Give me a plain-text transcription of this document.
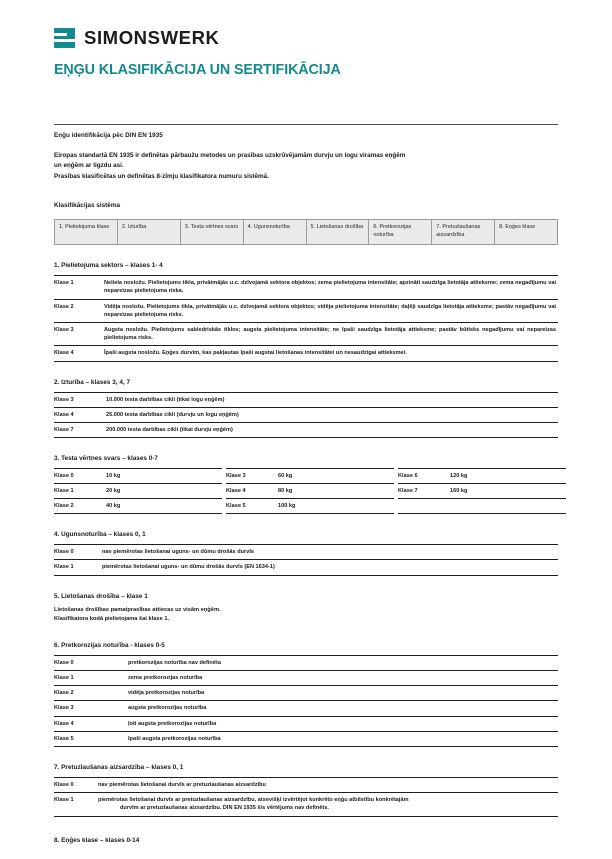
SIMONSWERK
EŅĢU KLASIFIKĀCIJA UN SERTIFIKĀCIJA
Eņģu identifikācija pēc DIN EN 1935

Eiropas standartā EN 1935 ir definētas pārbaužu metodes un prasības uzskrūvējamām durvju un logu viramas eņģēm

un eņģēm ar ligzdu asi.

Prasības klasificētas un definētas 8-zīmju klasifikatora numuru sistēmā.

Klasifikācijas sistēma
1. Pielietojuma klase	2. Izturība	3. Testa vērtnes svars	4. Ugunsnoturība	5. Lietošanas drošība	6. Pretkorozijas noturība	7. Pretuzlaušanas aizsardzība	8. Eņģes klase
1. Pielietojuma sektors – klases 1- 4
Klase 1	Neliela nosložu. Pielietojums tikla, privātmājās u.c. dzīvojamā sektora objektos; zema pielietojuma intensitāte; apzināti saudzīga lietotāja attieksme; zema negadījumu vai nepareizas pielietojuma riska.
Klase 2	Vidēja nosložu. Pielietojums tikla, privātmājās u.c. dzīvojamā sektora objektos; vidēja pielietojuma intensitāte; daļēji saudzīga lietotāja attieksme; pastāv negadījumu vai nepareizas pielietojuma risks.
Klase 3	Augsta nosložu. Pielietojums sabiedriskās tiklos; augsta pielietojuma intensitāte; ne īpaši saudzīga lietotāja attieksme; pastāv būtisks negadījumu vai nepareizas pielietojuma risks.
Klase 4	Īpaši augsta nosložu. Eņģes durvīm, kas pakļautas īpaši augstai lietošanas intensitātei un nesaudzīgai attieksmei.
2. Izturība – klases 3, 4, 7
Klase 3	10.000 testa darbības cikli (tikai logu eņģēm)
Klase 4	25.000 testa darbības cikli (durvju un logu eņģēm)
Klase 7	200.000 testa darbības cikli (tikai durvju eņģēm)
3. Testa vērtnes svars – klases 0-7
Klase 0	10 kg		Klase 3	60 kg		Klase 6	120 kg
Klase 1	20 kg		Klase 4	80 kg		Klase 7	160 kg
Klase 2	40 kg		Klase 5	100 kg			
4. Ugunsnoturība – klases 0, 1
Klase 0	nav piemērotas lietošanai uguns- un dūmu drošās durvīs
Klase 1	piemērotas lietošanai uguns- un dūmu drošās durvīs (EN 1634-1)
5. Lietošanas drošība – klase 1

Lietošanas drošības pamatprasības attiecas uz visām eņģēm.

Klasifikatora kodā pielietojama šai klase 1.

6. Pretkorozijas noturība - klases 0-5
Klase 0	pretkorozijas noturība nav definēta
Klase 1	zema pretkorozijas noturība
Klase 2	vidēja pretkorozijas noturība
Klase 3	augsta pretkorozijas noturība
Klase 4	ļoti augsta pretkorozijas noturība
Klase 5	īpaši augsta pretkorozijas noturība
7. Pretuzlaušanas aizsardzība – klases 0, 1
Klase 0	nav piemērotas lietošanai durvīs ar pretuzlaušanas aizsardzību
Klase 1	piemērotas lietošanai durvīs ar pretuzlaušanas aizsardzību, atsevišķi izvērtējot konkrēto eņģu atbilstību konkrētajām
durvīm ar pretuzlaušanas aizsardzību. DIN EN 1935 šis vērtējums nav definēts.
8. Eņģes klase – klases 0-14
